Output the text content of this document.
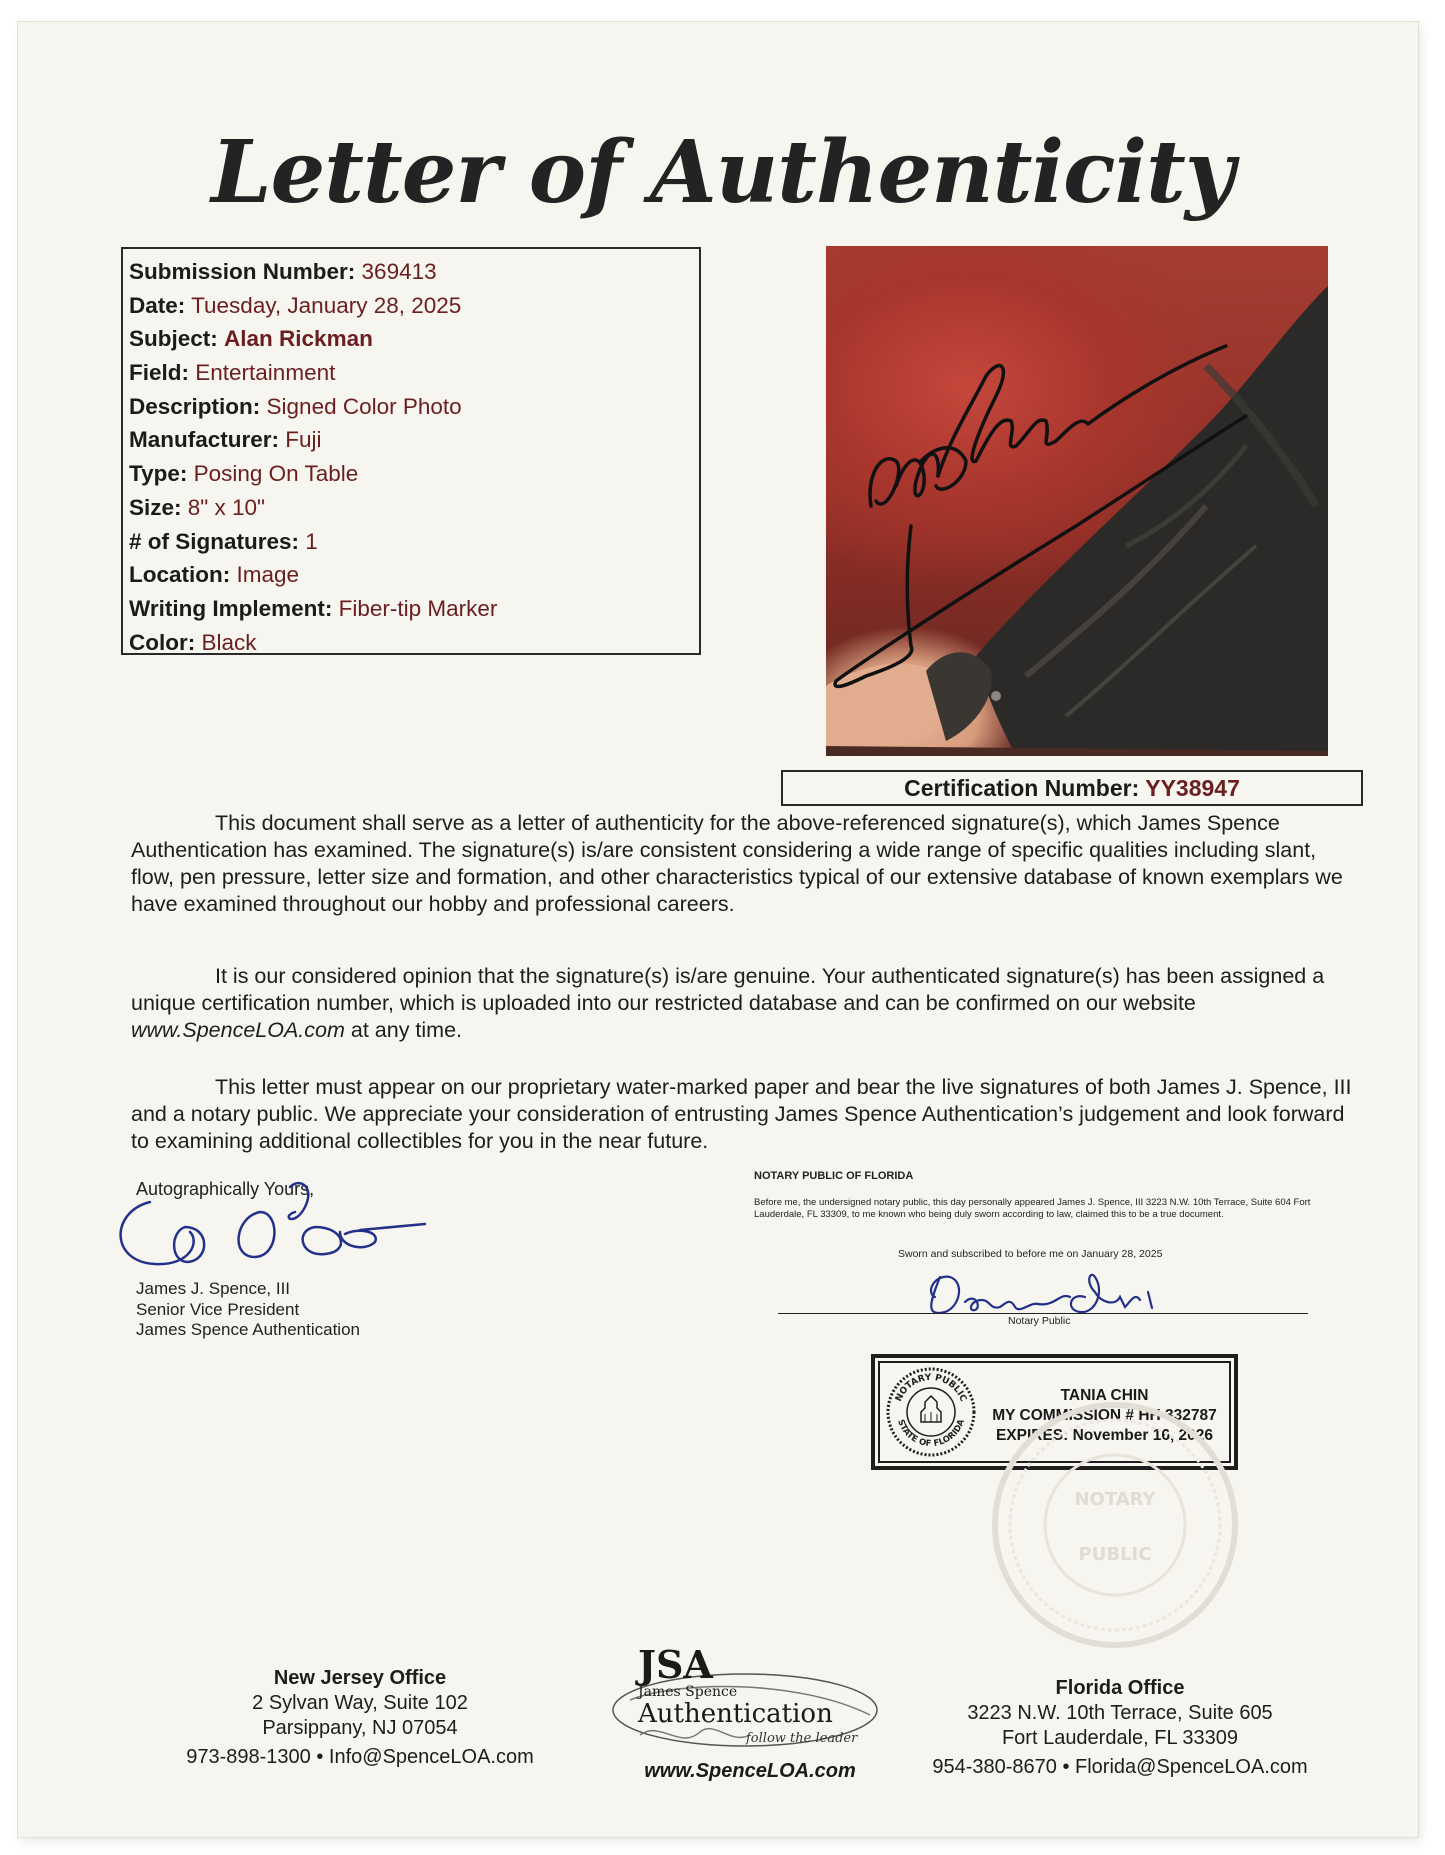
Letter of Authenticity
Submission Number: 369413
Date: Tuesday, January 28, 2025
Subject: Alan Rickman
Field: Entertainment
Description: Signed Color Photo
Manufacturer: Fuji
Type: Posing On Table
Size: 8" x 10"
# of Signatures: 1
Location: Image
Writing Implement: Fiber-tip Marker
Color: Black
Certification Number: YY38947
This document shall serve as a letter of authenticity for the above-referenced signature(s), which James Spence Authentication has examined. The signature(s) is/are consistent considering a wide range of specific qualities including slant, flow, pen pressure, letter size and formation, and other characteristics typical of our extensive database of known exemplars we have examined throughout our hobby and professional careers.
It is our considered opinion that the signature(s) is/are genuine. Your authenticated signature(s) has been assigned a unique certification number, which is uploaded into our restricted database and can be confirmed on our website www.SpenceLOA.com at any time.
This letter must appear on our proprietary water-marked paper and bear the live signatures of both James J. Spence, III and a notary public. We appreciate your consideration of entrusting James Spence Authentication’s judgement and look forward to examining additional collectibles for you in the near future.
Autographically Yours,
James J. Spence, III
Senior Vice President
James Spence Authentication
NOTARY PUBLIC OF FLORIDA
Before me, the undersigned notary public, this day personally appeared James J. Spence, III 3223 N.W. 10th Terrace, Suite 604 Fort Lauderdale, FL 33309, to me known who being duly sworn according to law, claimed this to be a true document.
Sworn and subscribed to before me on January 28, 2025
Notary Public
NOTARY PUBLIC
STATE OF FLORIDA
TANIA CHIN
MY COMMISSION # HH 332787
EXPIRES: November 16, 2026
NOTARY
PUBLIC
New Jersey Office
2 Sylvan Way, Suite 102
Parsippany, NJ 07054
973-898-1300 • Info@SpenceLOA.com
Florida Office
3223 N.W. 10th Terrace, Suite 605
Fort Lauderdale, FL 33309
954-380-8670 • Florida@SpenceLOA.com
JSA
James Spence
Authentication
follow the leader
www.SpenceLOA.com
